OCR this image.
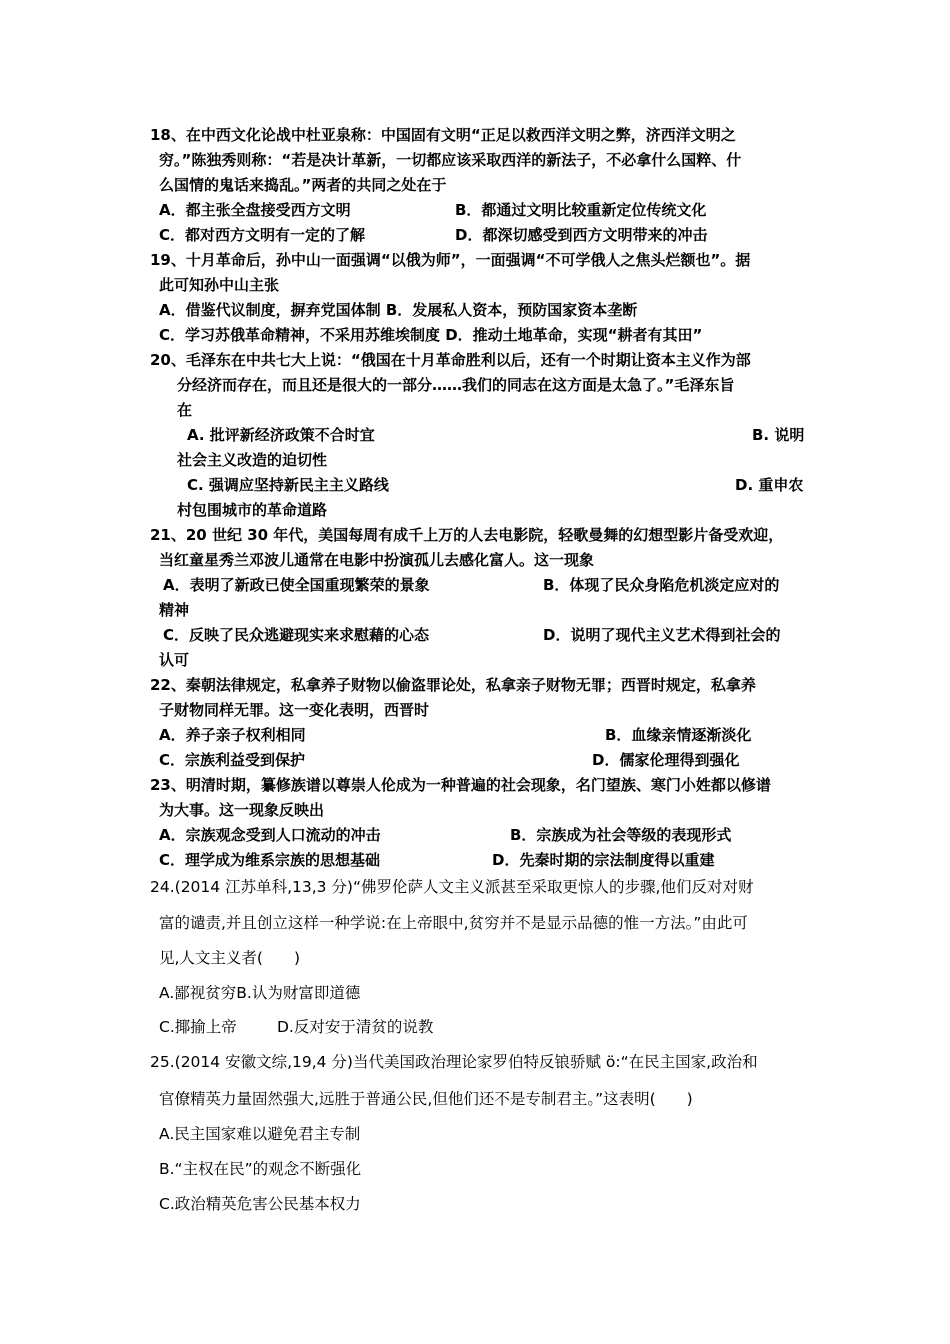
18、在中西文化论战中杜亚泉称：中国固有文明“正足以救西洋文明之弊，济西洋文明之
穷。”陈独秀则称：“若是决计革新，一切都应该采取西洋的新法子，不必拿什么国粹、什
么国情的鬼话来捣乱。”两者的共同之处在于
A．都主张全盘接受西方文明	B．都通过文明比较重新定位传统文化
C．都对西方文明有一定的了解	D．都深切感受到西方文明带来的冲击
19、十月革命后，孙中山一面强调“以俄为师”，一面强调“不可学俄人之焦头烂额也”。据
此可知孙中山主张
A．借鉴代议制度，摒弃党国体制 B．发展私人资本，预防国家资本垄断
C．学习苏俄革命精神，不采用苏维埃制度 D．推动土地革命，实现“耕者有其田”
20、毛泽东在中共七大上说：“俄国在十月革命胜利以后，还有一个时期让资本主义作为部
分经济而存在，而且还是很大的一部分……我们的同志在这方面是太急了。”毛泽东旨
在
A. 批评新经济政策不合时宜	B. 说明
社会主义改造的迫切性
C. 强调应坚持新民主主义路线	D. 重申农
村包围城市的革命道路
21、20 世纪 30 年代，美国每周有成千上万的人去电影院，轻歌曼舞的幻想型影片备受欢迎，
当红童星秀兰邓波儿通常在电影中扮演孤儿去感化富人。这一现象
A．表明了新政已使全国重现繁荣的景象	B．体现了民众身陷危机淡定应对的
精神
C．反映了民众逃避现实来求慰藉的心态	D．说明了现代主义艺术得到社会的
认可
22、秦朝法律规定，私拿养子财物以偷盗罪论处，私拿亲子财物无罪；西晋时规定，私拿养
子财物同样无罪。这一变化表明，西晋时
A．养子亲子权利相同	B．血缘亲情逐渐淡化
C．宗族利益受到保护	D．儒家伦理得到强化
23、明清时期，纂修族谱以尊崇人伦成为一种普遍的社会现象，名门望族、寒门小姓都以修谱
为大事。这一现象反映出
A．宗族观念受到人口流动的冲击	B．宗族成为社会等级的表现形式
C．理学成为维系宗族的思想基础	D．先秦时期的宗法制度得以重建
24.(2014 江苏单科,13,3 分)“佛罗伦萨人文主义派甚至采取更惊人的步骤,他们反对对财
富的谴责,并且创立这样一种学说:在上帝眼中,贫穷并不是显示品德的惟一方法。”由此可
见,人文主义者(　　)
A.鄙视贫穷B.认为财富即道德
C.揶揄上帝	D.反对安于清贫的说教
25.(2014 安徽文综,19,4 分)当代美国政治理论家罗伯特反锒骄赋 ö:“在民主国家,政治和
官僚精英力量固然强大,远胜于普通公民,但他们还不是专制君主。”这表明(　　)
A.民主国家难以避免君主专制
B.“主权在民”的观念不断强化
C.政治精英危害公民基本权力
